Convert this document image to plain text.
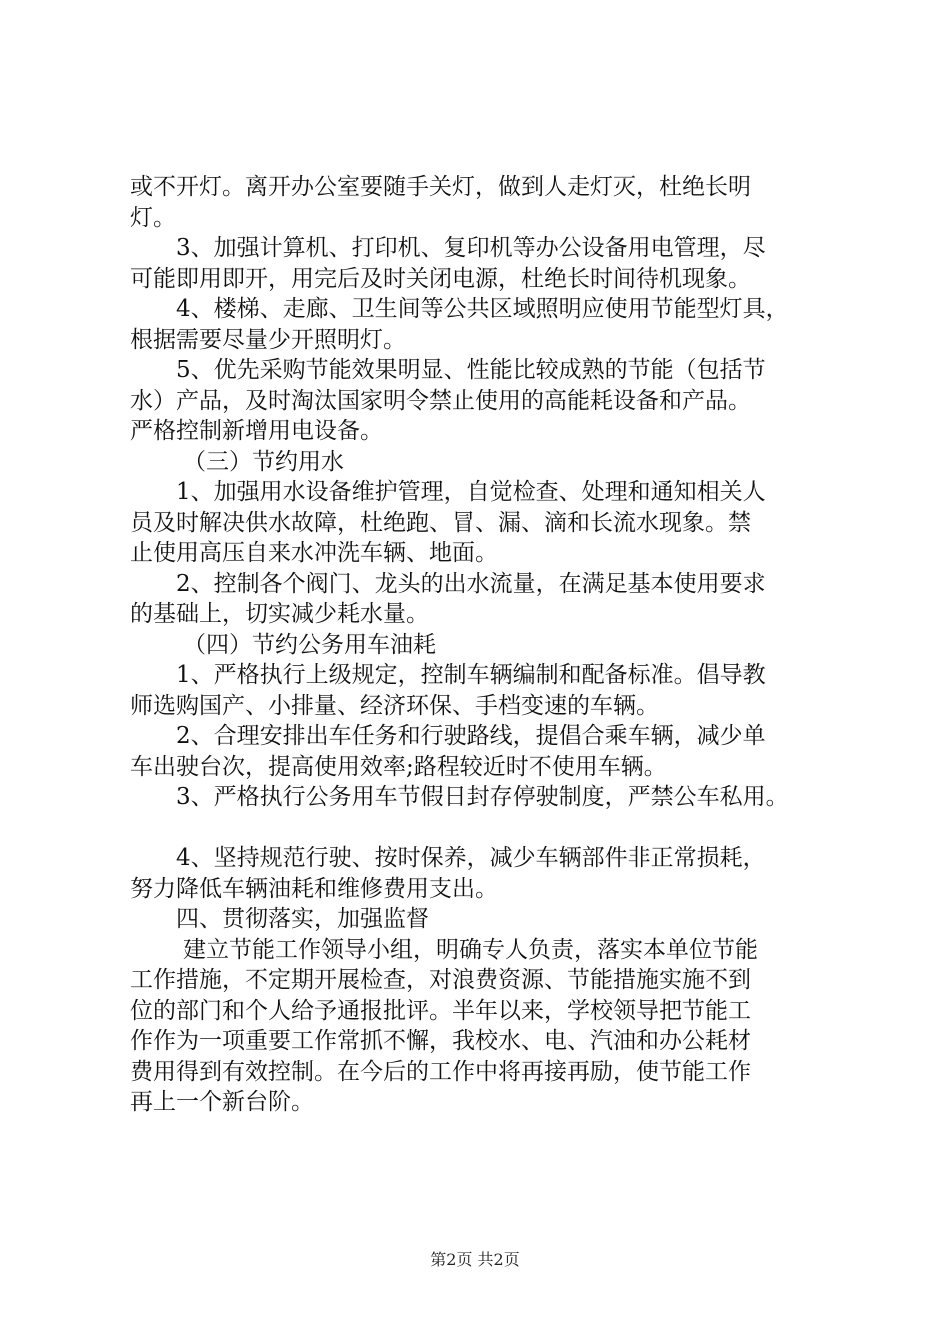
或不开灯。离开办公室要随手关灯，做到人走灯灭，杜绝长明
灯。
3、加强计算机、打印机、复印机等办公设备用电管理，尽
可能即用即开，用完后及时关闭电源，杜绝长时间待机现象。
4、楼梯、走廊、卫生间等公共区域照明应使用节能型灯具，
根据需要尽量少开照明灯。
5、优先采购节能效果明显、性能比较成熟的节能（包括节
水）产品，及时淘汰国家明令禁止使用的高能耗设备和产品。
严格控制新增用电设备。
（三）节约用水
1、加强用水设备维护管理，自觉检查、处理和通知相关人
员及时解决供水故障，杜绝跑、冒、漏、滴和长流水现象。禁
止使用高压自来水冲洗车辆、地面。
2、控制各个阀门、龙头的出水流量，在满足基本使用要求
的基础上，切实减少耗水量。
（四）节约公务用车油耗
1、严格执行上级规定，控制车辆编制和配备标准。倡导教
师选购国产、小排量、经济环保、手档变速的车辆。
2、合理安排出车任务和行驶路线，提倡合乘车辆，减少单
车出驶台次，提高使用效率;路程较近时不使用车辆。
3、严格执行公务用车节假日封存停驶制度，严禁公车私用。
4、坚持规范行驶、按时保养，减少车辆部件非正常损耗，
努力降低车辆油耗和维修费用支出。
四、贯彻落实，加强监督
建立节能工作领导小组，明确专人负责，落实本单位节能
工作措施，不定期开展检查，对浪费资源、节能措施实施不到
位的部门和个人给予通报批评。半年以来，学校领导把节能工
作作为一项重要工作常抓不懈，我校水、电、汽油和办公耗材
费用得到有效控制。在今后的工作中将再接再励，使节能工作
再上一个新台阶。
第2页 共2页
